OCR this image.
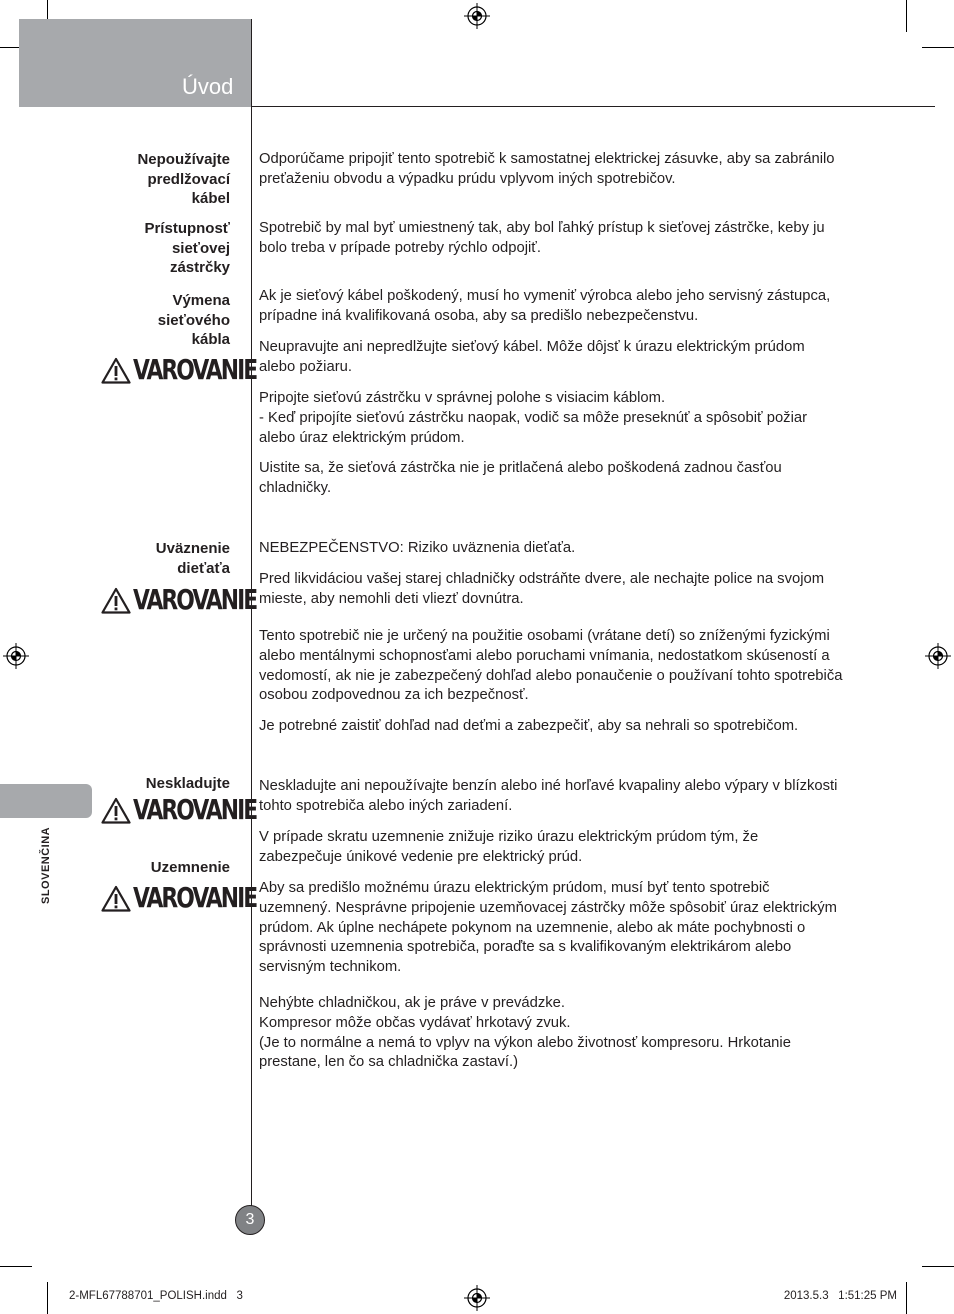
Úvod
Nepoužívajte
predlžovací
kábel
Prístupnosť
sieťovej
zástrčky
Výmena
sieťového
kábla
Uväznenie
dieťaťa
Neskladujte
Uzemnenie
VAROVANIE
VAROVANIE
VAROVANIE
VAROVANIE
Odporúčame pripojiť tento spotrebič k samostatnej elektrickej zásuvke, aby sa zabránilo
preťaženiu obvodu a výpadku prúdu vplyvom iných spotrebičov.
Spotrebič by mal byť umiestnený tak, aby bol ľahký prístup k sieťovej zástrčke, keby ju
bolo treba v prípade potreby rýchlo odpojiť.
Ak je sieťový kábel poškodený, musí ho vymeniť výrobca alebo jeho servisný zástupca,
prípadne iná kvalifikovaná osoba, aby sa predišlo nebezpečenstvu.
Neupravujte ani nepredlžujte sieťový kábel. Môže dôjsť k úrazu elektrickým prúdom
alebo požiaru.
Pripojte sieťovú zástrčku v správnej polohe s visiacim káblom.
- Keď pripojíte sieťovú zástrčku naopak, vodič sa môže preseknúť a spôsobiť požiar
alebo úraz elektrickým prúdom.
Uistite sa, že sieťová zástrčka nie je pritlačená alebo poškodená zadnou časťou
chladničky.
NEBEZPEČENSTVO: Riziko uväznenia dieťaťa.
Pred likvidáciou vašej starej chladničky odstráňte dvere, ale nechajte police na svojom
mieste, aby nemohli deti vliezť dovnútra.
Tento spotrebič nie je určený na použitie osobami (vrátane detí) so zníženými fyzickými
alebo mentálnymi schopnosťami alebo poruchami vnímania, nedostatkom skúseností a
vedomostí, ak nie je zabezpečený dohľad alebo ponaučenie o používaní tohto spotrebiča
osobou zodpovednou za ich bezpečnosť.
Je potrebné zaistiť dohľad nad deťmi a zabezpečiť, aby sa nehrali so spotrebičom.
Neskladujte ani nepoužívajte benzín alebo iné horľavé kvapaliny alebo výpary v blízkosti
tohto spotrebiča alebo iných zariadení.
V prípade skratu uzemnenie znižuje riziko úrazu elektrickým prúdom tým, že
zabezpečuje únikové vedenie pre elektrický prúd.
Aby sa predišlo možnému úrazu elektrickým prúdom, musí byť tento spotrebič
uzemnený. Nesprávne pripojenie uzemňovacej zástrčky môže spôsobiť úraz elektrickým
prúdom. Ak úplne nechápete pokynom na uzemnenie, alebo ak máte pochybnosti o
správnosti uzemnenia spotrebiča, poraďte sa s kvalifikovaným elektrikárom alebo
servisným technikom.
Nehýbte chladničkou, ak je práve v prevádzke.
Kompresor môže občas vydávať hrkotavý zvuk.
(Je to normálne a nemá to vplyv na výkon alebo životnosť kompresoru. Hrkotanie
prestane, len čo sa chladnička zastaví.)
SLOVENČINA
3
2-MFL67788701_POLISH.indd   3	2013.5.3   1:51:25 PM
